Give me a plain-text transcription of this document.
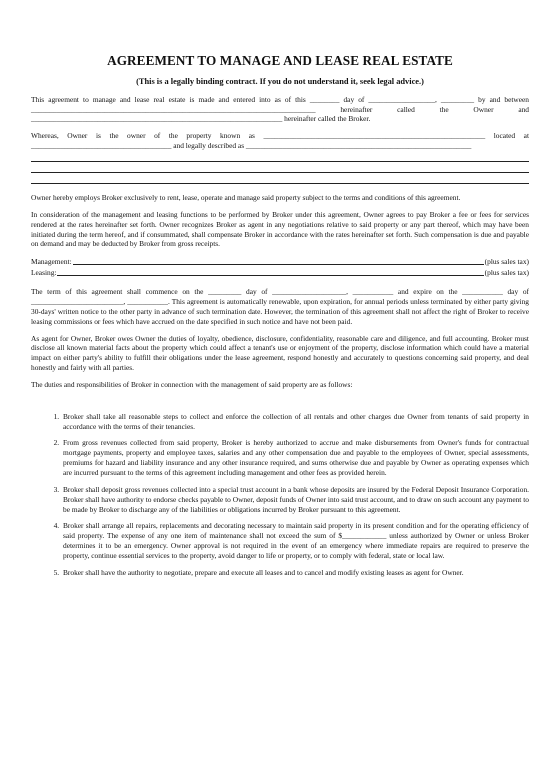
AGREEMENT TO MANAGE AND LEASE REAL ESTATE
(This is a legally binding contract. If you do not understand it, seek legal advice.)

This agreement to manage and lease real estate is made and entered into as of this ________ day of __________________, _________ by and between _____________________________________________________________________________ hereinafter called the Owner and ____________________________________________________________________ hereinafter called the Broker.

Whereas, Owner is the owner of the property known as ____________________________________________________________ located at ______________________________________ and legally described as _____________________________________________________________

Owner hereby employs Broker exclusively to rent, lease, operate and manage said property subject to the terms and conditions of this agreement.

In consideration of the management and leasing functions to be performed by Broker under this agreement, Owner agrees to pay Broker a fee or fees for services rendered at the rates hereinafter set forth. Owner recognizes Broker as agent in any negotiations relative to said property or any part thereof, which may have been initiated during the term hereof, and if consummated, shall compensate Broker in accordance with the rates hereinafter set forth. Such compensation is due and payable on demand and may be deducted by Broker from gross receipts.

Management:	(plus sales tax)
Leasing:	(plus sales tax)

The term of this agreement shall commence on the _________ day of ____________________, ___________ and expire on the ___________ day of _________________________, ___________. This agreement is automatically renewable, upon expiration, for annual periods unless terminated by either party giving 30-days' written notice to the other party in advance of such termination date. However, the termination of this agreement shall not affect the right of Broker to receive leasing commissions or fees which have accrued on the date specified in such notice and have not been paid.

As agent for Owner, Broker owes Owner the duties of loyalty, obedience, disclosure, confidentiality, reasonable care and diligence, and full accounting. Broker must disclose all known material facts about the property which could affect a tenant's use or enjoyment of the property, disclose information which could have a material impact on either party's ability to fulfill their obligations under the lease agreement, respond honestly and accurately to questions concerning said property, and deal honestly and fairly with all parties.

The duties and responsibilities of Broker in connection with the management of said property are as follows:

1. Broker shall take all reasonable steps to collect and enforce the collection of all rentals and other charges due Owner from tenants of said property in accordance with the terms of their tenancies.
2. From gross revenues collected from said property, Broker is hereby authorized to accrue and make disbursements from Owner's funds for contractual mortgage payments, property and employee taxes, salaries and any other compensation due and payable to the employees of Owner, special assessments, premiums for hazard and liability insurance and any other insurance required, and sums otherwise due and payable by Owner as operating expenses which are incurred pursuant to the terms of this agreement including management and other fees as provided herein.
3. Broker shall deposit gross revenues collected into a special trust account in a bank whose deposits are insured by the Federal Deposit Insurance Corporation. Broker shall have authority to endorse checks payable to Owner, deposit funds of Owner into said trust account, and to draw on such account any payment to be made by Broker to discharge any of the liabilities or obligations incurred by Broker pursuant to this agreement.
4. Broker shall arrange all repairs, replacements and decorating necessary to maintain said property in its present condition and for the operating efficiency of said property. The expense of any one item of maintenance shall not exceed the sum of $____________ unless authorized by Owner or unless Broker determines it to be an emergency. Owner approval is not required in the event of an emergency where immediate repairs are required to preserve the property, continue essential services to the property, avoid danger to life or property, or to comply with federal, state or local law.
5. Broker shall have the authority to negotiate, prepare and execute all leases and to cancel and modify existing leases as agent for Owner.
